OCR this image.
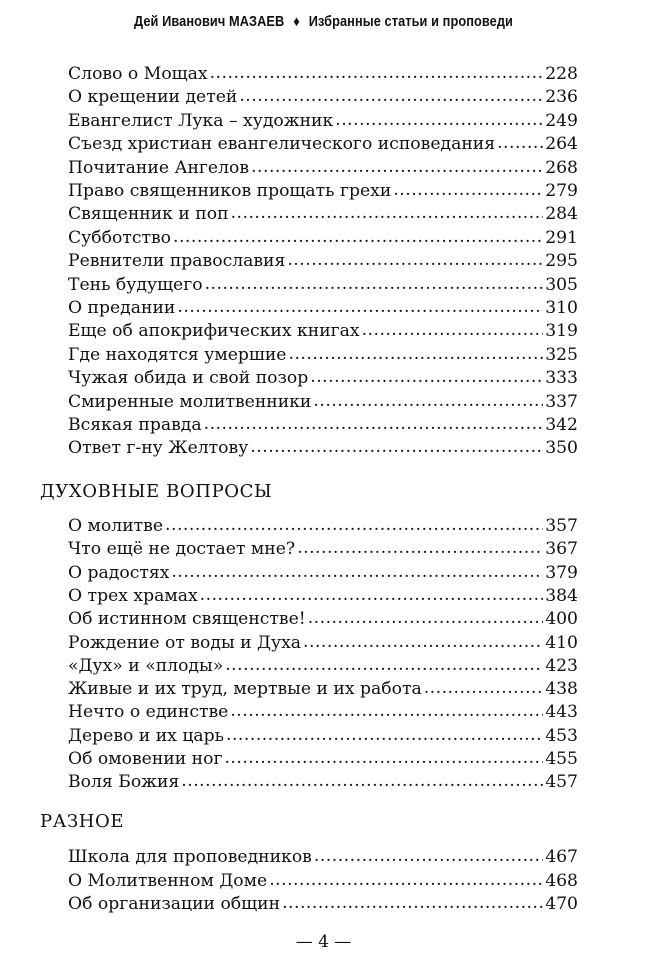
Дей Иванович МАЗАЕВ ♦ Избранные статьи и проповеди
Слово о Мощах .....	228
О крещении детей .....	236
Евангелист Лука – художник .....	249
Съезд христиан евангелического исповедания .....	264
Почитание Ангелов .....	268
Право священников прощать грехи .....	279
Священник и поп .....	284
Субботство .....	291
Ревнители православия .....	295
Тень будущего .....	305
О предании .....	310
Еще об апокрифических книгах .....	319
Где находятся умершие .....	325
Чужая обида и свой позор .....	333
Смиренные молитвенники .....	337
Всякая правда .....	342
Ответ г-ну Желтову .....	350
ДУХОВНЫЕ ВОПРОСЫ
О молитве .....	357
Что ещё не достает мне? .....	367
О радостях .....	379
О трех храмах .....	384
Об истинном священстве! .....	400
Рождение от воды и Духа .....	410
«Дух» и «плоды» .....	423
Живые и их труд, мертвые и их работа .....	438
Нечто о единстве .....	443
Дерево и их царь .....	453
Об омовении ног .....	455
Воля Божия .....	457
РАЗНОЕ
Школа для проповедников .....	467
О Молитвенном Доме .....	468
Об организации общин .....	470
— 4 —
